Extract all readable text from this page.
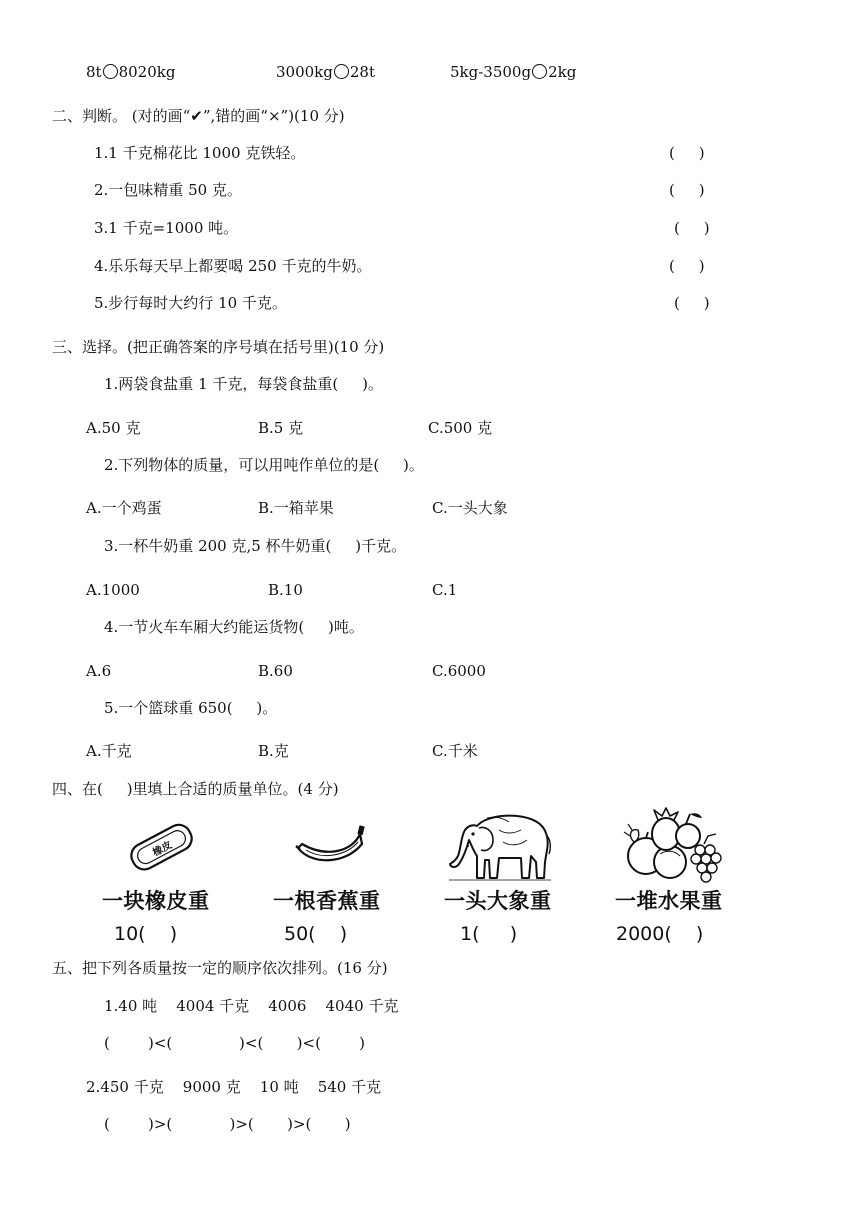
8t 8020kg	3000kg 28t	5kg-3500g 2kg
二、判断。 (对的画“✔”,错的画“×”)(10 分)
1.1 千克棉花比 1000 克铁轻。	(     )
2.一包味精重 50 克。	(     )
3.1 千克=1000 吨。	(     )
4.乐乐每天早上都要喝 250 千克的牛奶。	(     )
5.步行每时大约行 10 千克。	(     )
三、选择。(把正确答案的序号填在括号里)(10 分)
1.两袋食盐重 1 千克，每袋食盐重(     )。
A.50 克	B.5 克	C.500 克
2.下列物体的质量，可以用吨作单位的是(     )。
A.一个鸡蛋	B.一箱苹果	C.一头大象
3.一杯牛奶重 200 克,5 杯牛奶重(     )千克。
A.1000	B.10	C.1
4.一节火车车厢大约能运货物(     )吨。
A.6	B.60	C.6000
5.一个篮球重 650(     )。
A.千克	B.克	C.千米
四、在(     )里填上合适的质量单位。(4 分)
橡皮
一块橡皮重	一根香蕉重	一头大象重	一堆水果重
10(    )	50(    )	1(     )	2000(    )
五、把下列各质量按一定的顺序依次排列。(16 分)
1.40 吨    4004 千克    4006    4040 千克
(        )<(              )<(       )<(        )
2.450 千克    9000 克    10 吨    540 千克
(        )>(            )>(       )>(       )
